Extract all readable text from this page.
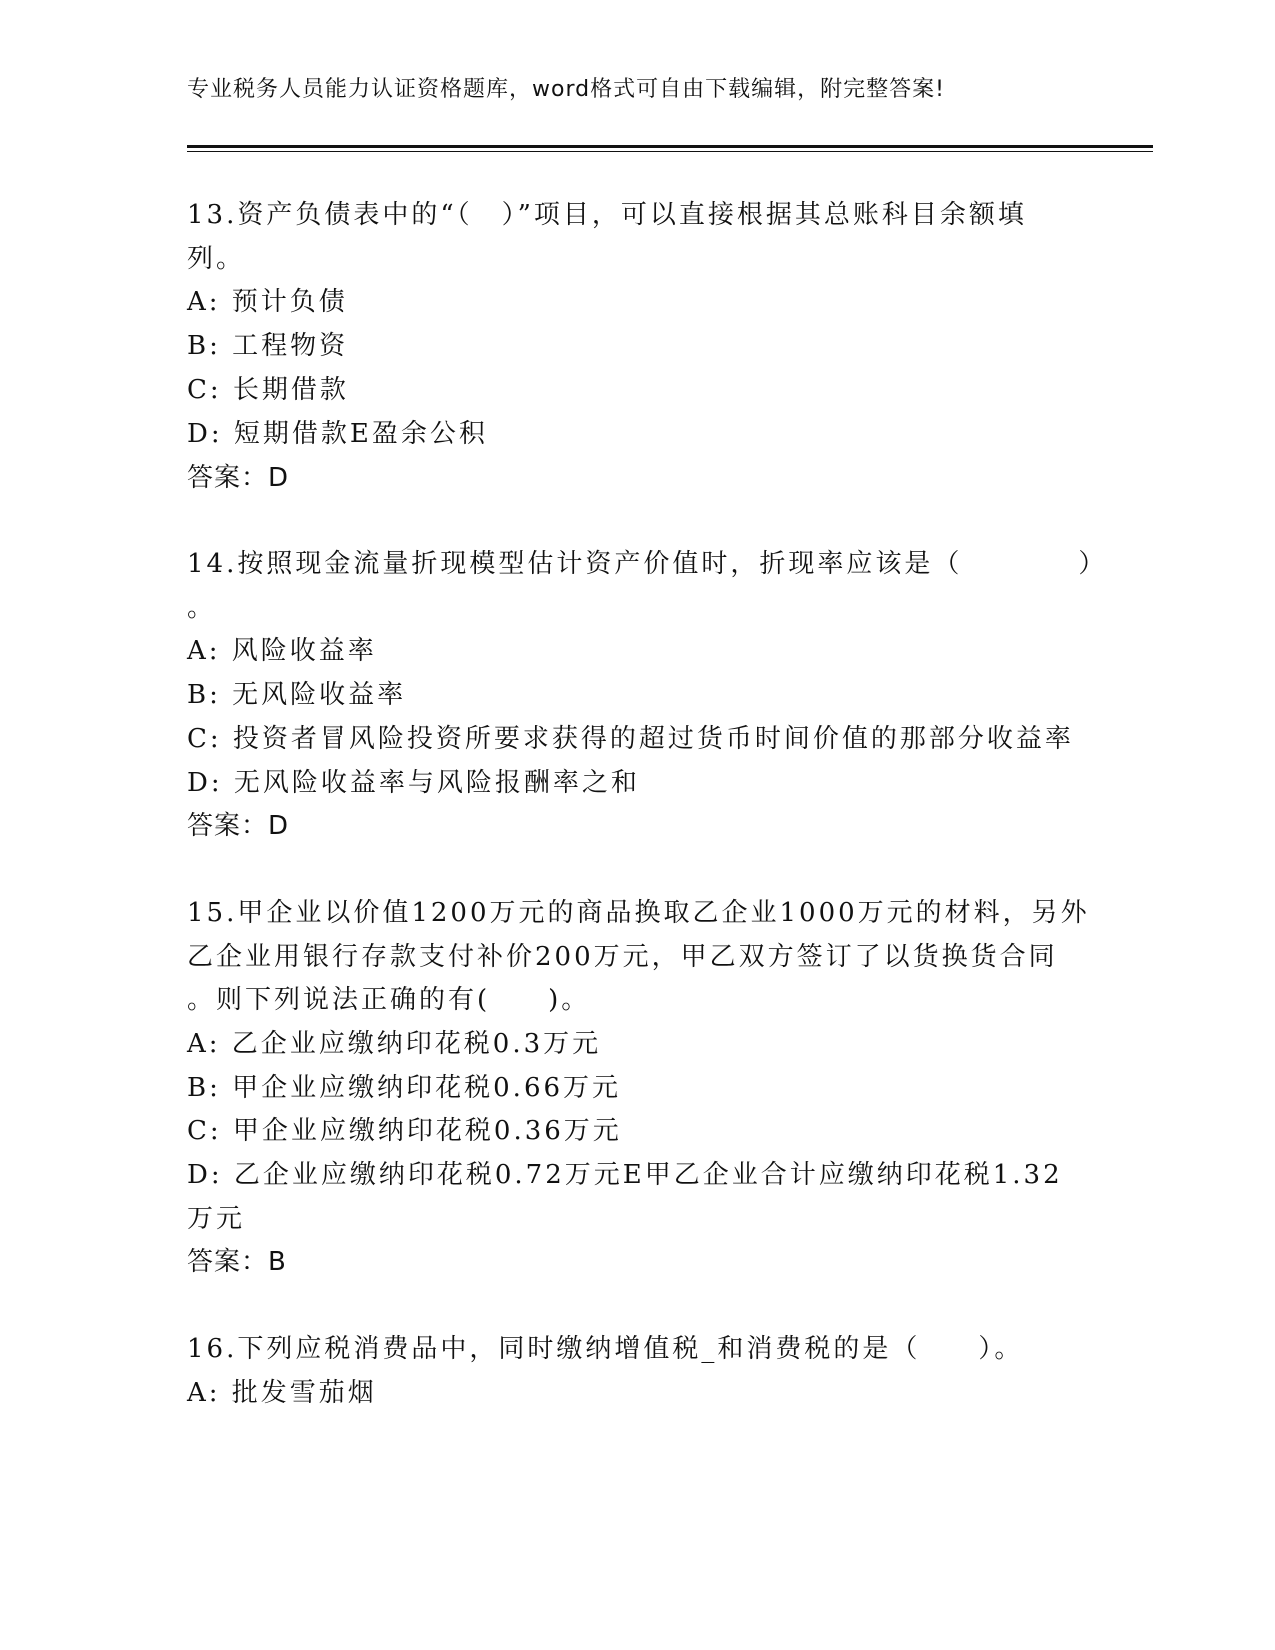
专业税务人员能力认证资格题库，word格式可自由下载编辑，附完整答案!
13.资产负债表中的“（　）”项目，可以直接根据其总账科目余额填
列。
A: 预计负债
B: 工程物资
C: 长期借款
D: 短期借款E盈余公积
答案：D
14.按照现金流量折现模型估计资产价值时，折现率应该是（　　　　）
。
A: 风险收益率
B: 无风险收益率
C: 投资者冒风险投资所要求获得的超过货币时间价值的那部分收益率
D: 无风险收益率与风险报酬率之和
答案：D
15.甲企业以价值1200万元的商品换取乙企业1000万元的材料，另外
乙企业用银行存款支付补价200万元，甲乙双方签订了以货换货合同
。则下列说法正确的有(　　)。
A: 乙企业应缴纳印花税0.3万元
B: 甲企业应缴纳印花税0.66万元
C: 甲企业应缴纳印花税0.36万元
D: 乙企业应缴纳印花税0.72万元E甲乙企业合计应缴纳印花税1.32
万元
答案：B
16.下列应税消费品中，同时缴纳增值税_和消费税的是（　　）。
A: 批发雪茄烟
